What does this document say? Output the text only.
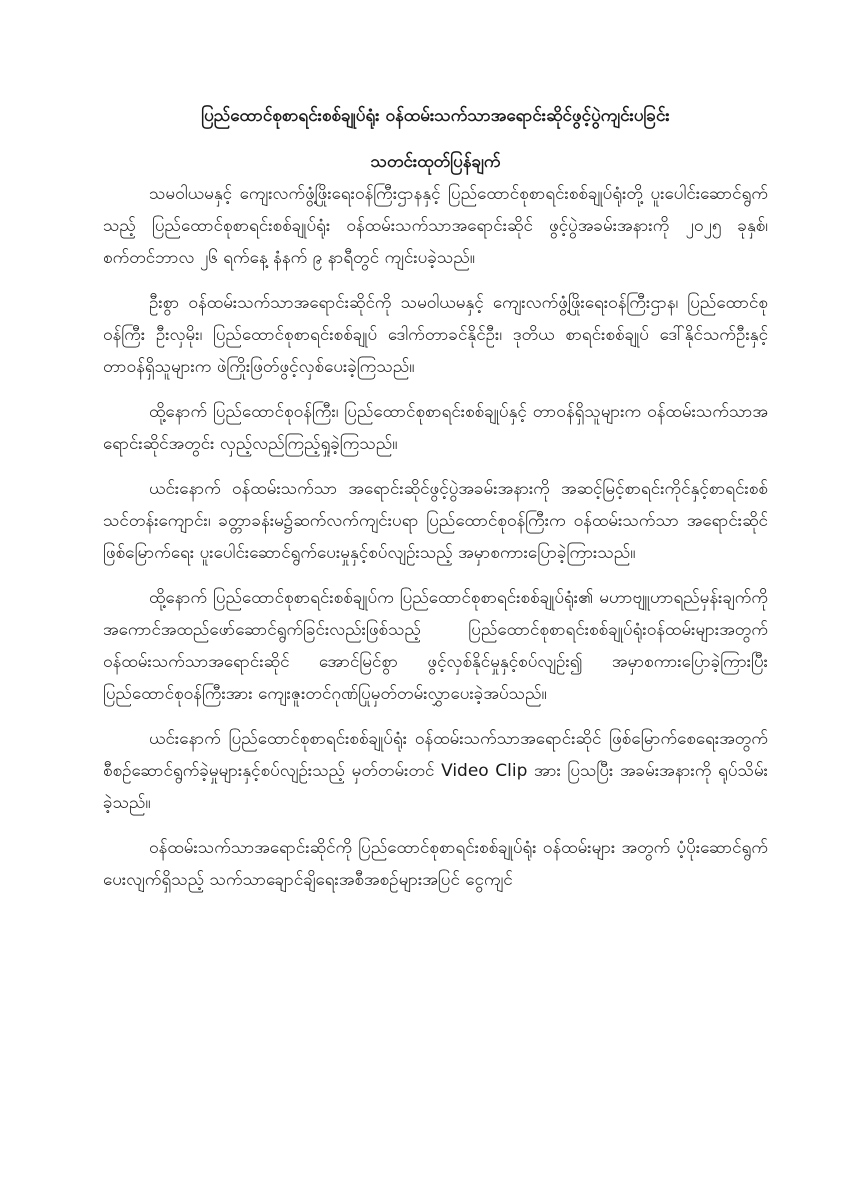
ပြည်ထောင်စုစာရင်းစစ်ချုပ်ရုံး ဝန်ထမ်းသက်သာအရောင်းဆိုင်ဖွင့်ပွဲကျင်းပခြင်း
သတင်းထုတ်ပြန်ချက်

သမဝါယမနှင့် ကျေးလက်ဖွံ့ဖြိုးရေးဝန်ကြီးဌာနနှင့် ပြည်ထောင်စုစာရင်းစစ်ချုပ်ရုံးတို့ ပူးပေါင်းဆောင်ရွက်သည့် ပြည်ထောင်စုစာရင်းစစ်ချုပ်ရုံး ဝန်ထမ်းသက်သာအရောင်းဆိုင် ဖွင့်ပွဲအခမ်းအနားကို ၂၀၂၅ ခုနှစ်၊ စက်တင်ဘာလ ၂၆ ရက်နေ့ နံနက် ၉ နာရီတွင် ကျင်းပခဲ့သည်။

ဦးစွာ ဝန်ထမ်းသက်သာအရောင်းဆိုင်ကို သမဝါယမနှင့် ကျေးလက်ဖွံ့ဖြိုးရေးဝန်ကြီးဌာန၊ ပြည်ထောင်စုဝန်ကြီး ဦးလှမိုး၊ ပြည်ထောင်စုစာရင်းစစ်ချုပ် ဒေါက်တာခင်နိုင်ဦး၊ ဒုတိယ စာရင်းစစ်ချုပ် ဒေါ်နိုင်သက်ဦးနှင့် တာဝန်ရှိသူများက ဖဲကြိုးဖြတ်ဖွင့်လှစ်ပေးခဲ့ကြသည်။

ထို့နောက် ပြည်ထောင်စုဝန်ကြီး၊ ပြည်ထောင်စုစာရင်းစစ်ချုပ်နှင့် တာဝန်ရှိသူများက ဝန်ထမ်းသက်သာအရောင်းဆိုင်အတွင်း လှည့်လည်ကြည့်ရှုခဲ့ကြသည်။

ယင်းနောက် ဝန်ထမ်းသက်သာ အရောင်းဆိုင်ဖွင့်ပွဲအခမ်းအနားကို အဆင့်မြင့်စာရင်းကိုင်နှင့်စာရင်းစစ်သင်တန်းကျောင်း၊ ခတ္တာခန်းမ၌ဆက်လက်ကျင်းပရာ ပြည်ထောင်စုဝန်ကြီးက ဝန်ထမ်းသက်သာ အရောင်းဆိုင်ဖြစ်မြောက်ရေး ပူးပေါင်းဆောင်ရွက်ပေးမှုနှင့်စပ်လျဉ်းသည့် အမှာစကားပြောခဲ့ကြားသည်။

ထို့နောက် ပြည်ထောင်စုစာရင်းစစ်ချုပ်က ပြည်ထောင်စုစာရင်းစစ်ချုပ်ရုံး၏ မဟာဗျူဟာရည်မှန်းချက်ကို အကောင်အထည်ဖော်ဆောင်ရွက်ခြင်းလည်းဖြစ်သည့် ပြည်ထောင်စုစာရင်းစစ်ချုပ်ရုံးဝန်ထမ်းများအတွက် ဝန်ထမ်းသက်သာအရောင်းဆိုင် အောင်မြင်စွာ ဖွင့်လှစ်နိုင်မှုနှင့်စပ်လျဉ်း၍ အမှာစကားပြောခဲ့ကြားပြီး ပြည်ထောင်စုဝန်ကြီးအား ကျေးဇူးတင်ဂုဏ်ပြုမှတ်တမ်းလွှာပေးခဲ့အပ်သည်။

ယင်းနောက် ပြည်ထောင်စုစာရင်းစစ်ချုပ်ရုံး ဝန်ထမ်းသက်သာအရောင်းဆိုင် ဖြစ်မြောက်စေရေးအတွက် စီစဉ်ဆောင်ရွက်ခဲ့မှုများနှင့်စပ်လျဉ်းသည့် မှတ်တမ်းတင် Video Clip အား ပြသပြီး အခမ်းအနားကို ရုပ်သိမ်းခဲ့သည်။

ဝန်ထမ်းသက်သာအရောင်းဆိုင်ကို ပြည်ထောင်စုစာရင်းစစ်ချုပ်ရုံး ဝန်ထမ်းများ အတွက် ပံ့ပိုးဆောင်ရွက်ပေးလျက်ရှိသည့် သက်သာချောင်ချိရေးအစီအစဉ်များအပြင် ငွေကျင်
